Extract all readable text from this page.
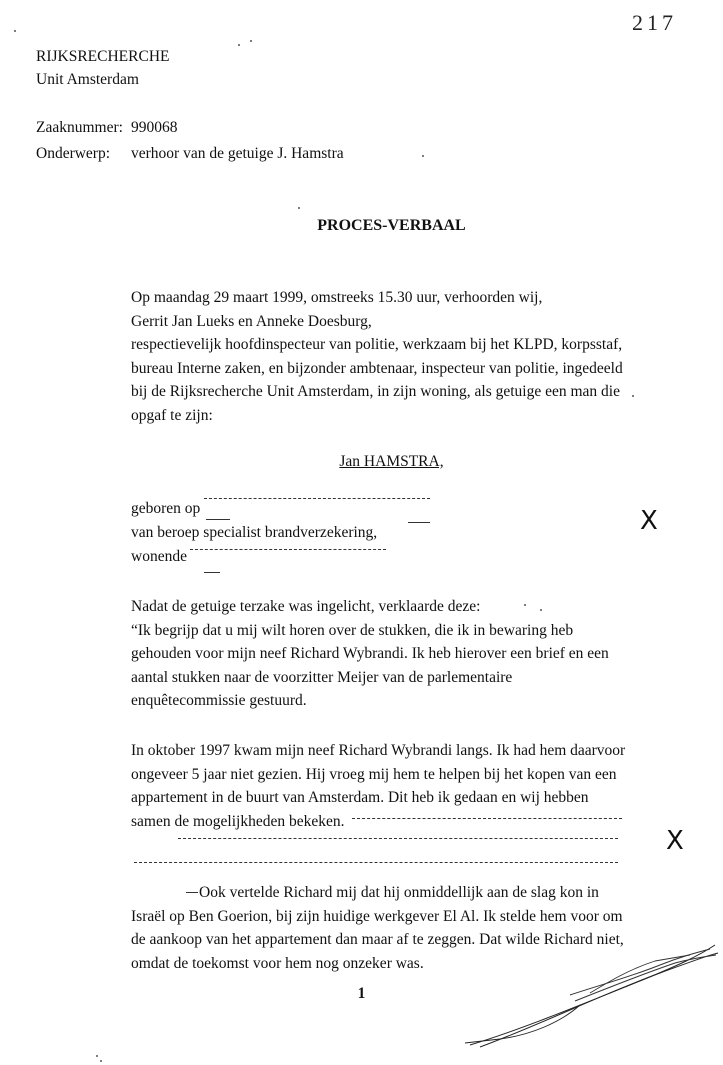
217
RIJKSRECHERCHE
Unit Amsterdam
Zaaknummer: 990068
Onderwerp: verhoor van de getuige J. Hamstra
PROCES-VERBAAL
Op maandag 29 maart 1999, omstreeks 15.30 uur, verhoorden wij,
Gerrit Jan Lueks en Anneke Doesburg,
respectievelijk hoofdinspecteur van politie, werkzaam bij het KLPD, korpsstaf,
bureau Interne zaken, en bijzonder ambtenaar, inspecteur van politie, ingedeeld
bij de Rijksrecherche Unit Amsterdam, in zijn woning, als getuige een man die
opgaf te zijn:
Jan HAMSTRA,
geboren op
van beroep specialist brandverzekering,
wonende
X
X
Nadat de getuige terzake was ingelicht, verklaarde deze:
“Ik begrijp dat u mij wilt horen over de stukken, die ik in bewaring heb
gehouden voor mijn neef Richard Wybrandi. Ik heb hierover een brief en een
aantal stukken naar de voorzitter Meijer van de parlementaire
enquêtecommissie gestuurd.
In oktober 1997 kwam mijn neef Richard Wybrandi langs. Ik had hem daarvoor
ongeveer 5 jaar niet gezien. Hij vroeg mij hem te helpen bij het kopen van een
appartement in de buurt van Amsterdam. Dit heb ik gedaan en wij hebben
samen de mogelijkheden bekeken.
Ook vertelde Richard mij dat hij onmiddellijk aan de slag kon in
Israël op Ben Goerion, bij zijn huidige werkgever El Al. Ik stelde hem voor om
de aankoop van het appartement dan maar af te zeggen. Dat wilde Richard niet,
omdat de toekomst voor hem nog onzeker was.
1
